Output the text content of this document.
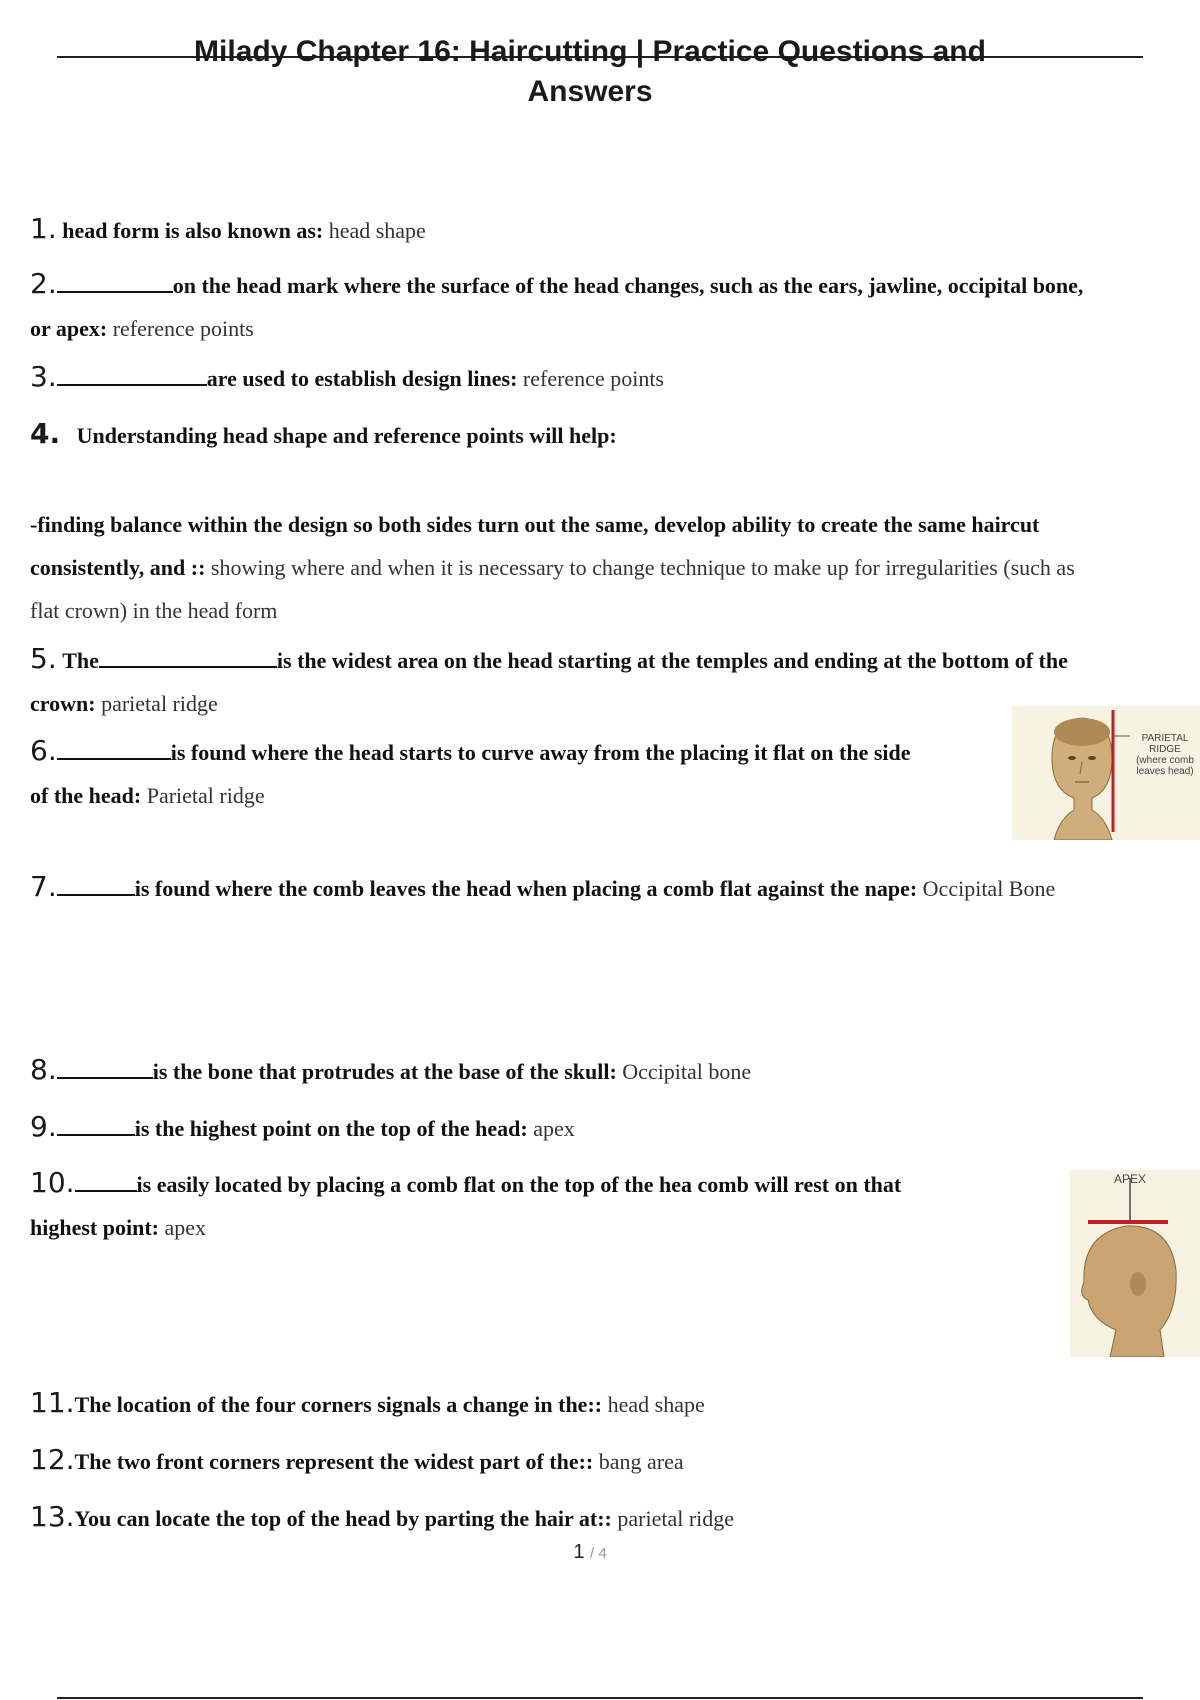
Milady Chapter 16: Haircutting | Practice Questions and
Answers
1. head form is also known as: head shape
2.	on the head mark where the surface of the head changes, such as the ears, jawline, occipital bone,
or apex: reference points
3.	are used to establish design lines: reference points
4. Understanding head shape and reference points will help:
-finding balance within the design so both sides turn out the same, develop ability to create the same haircut
consistently, and :: showing where and when it is necessary to change technique to make up for irregularities (such as
flat crown) in the head form
5. The	is the widest area on the head starting at the temples and ending at the bottom of the
crown: parietal ridge
6.	is found where the head starts to curve away from the placing it flat on the side
of the head: Parietal ridge
PARIETAL
RIDGE
(where comb
leaves head)
7.	is found where the comb leaves the head when placing a comb flat against the nape: Occipital Bone
8.	is the bone that protrudes at the base of the skull: Occipital bone
9.	is the highest point on the top of the head: apex
10.	is easily located by placing a comb flat on the top of the hea comb will rest on that
highest point: apex
APEX
11.The location of the four corners signals a change in the:: head shape
12.The two front corners represent the widest part of the:: bang area
13.You can locate the top of the head by parting the hair at:: parietal ridge
1 / 4
